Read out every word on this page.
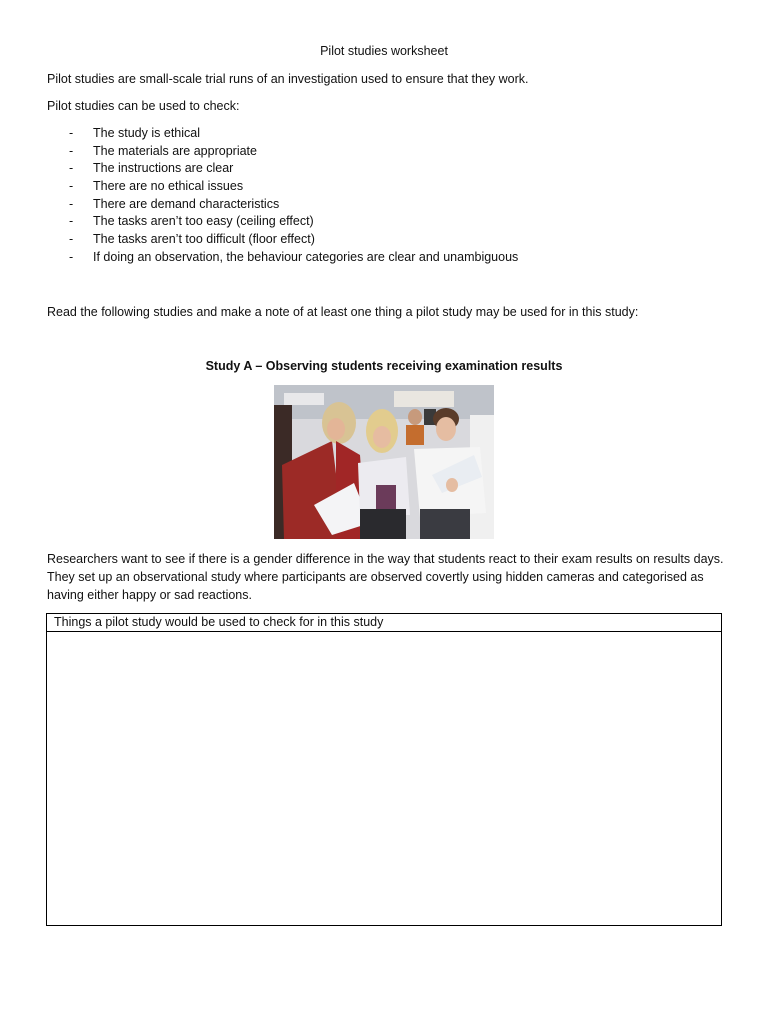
Pilot studies worksheet
Pilot studies are small-scale trial runs of an investigation used to ensure that they work.
Pilot studies can be used to check:
-	The study is ethical
-	The materials are appropriate
-	The instructions are clear
-	There are no ethical issues
-	There are demand characteristics
-	The tasks aren’t too easy (ceiling effect)
-	The tasks aren’t too difficult (floor effect)
-	If doing an observation, the behaviour categories are clear and unambiguous
Read the following studies and make a note of at least one thing a pilot study may be used for in this study:
Study A – Observing students receiving examination results
Researchers want to see if there is a gender difference in the way that students react to their exam results on results days. They set up an observational study where participants are observed covertly using hidden cameras and categorised as having either happy or sad reactions.
Things a pilot study would be used to check for in this study
